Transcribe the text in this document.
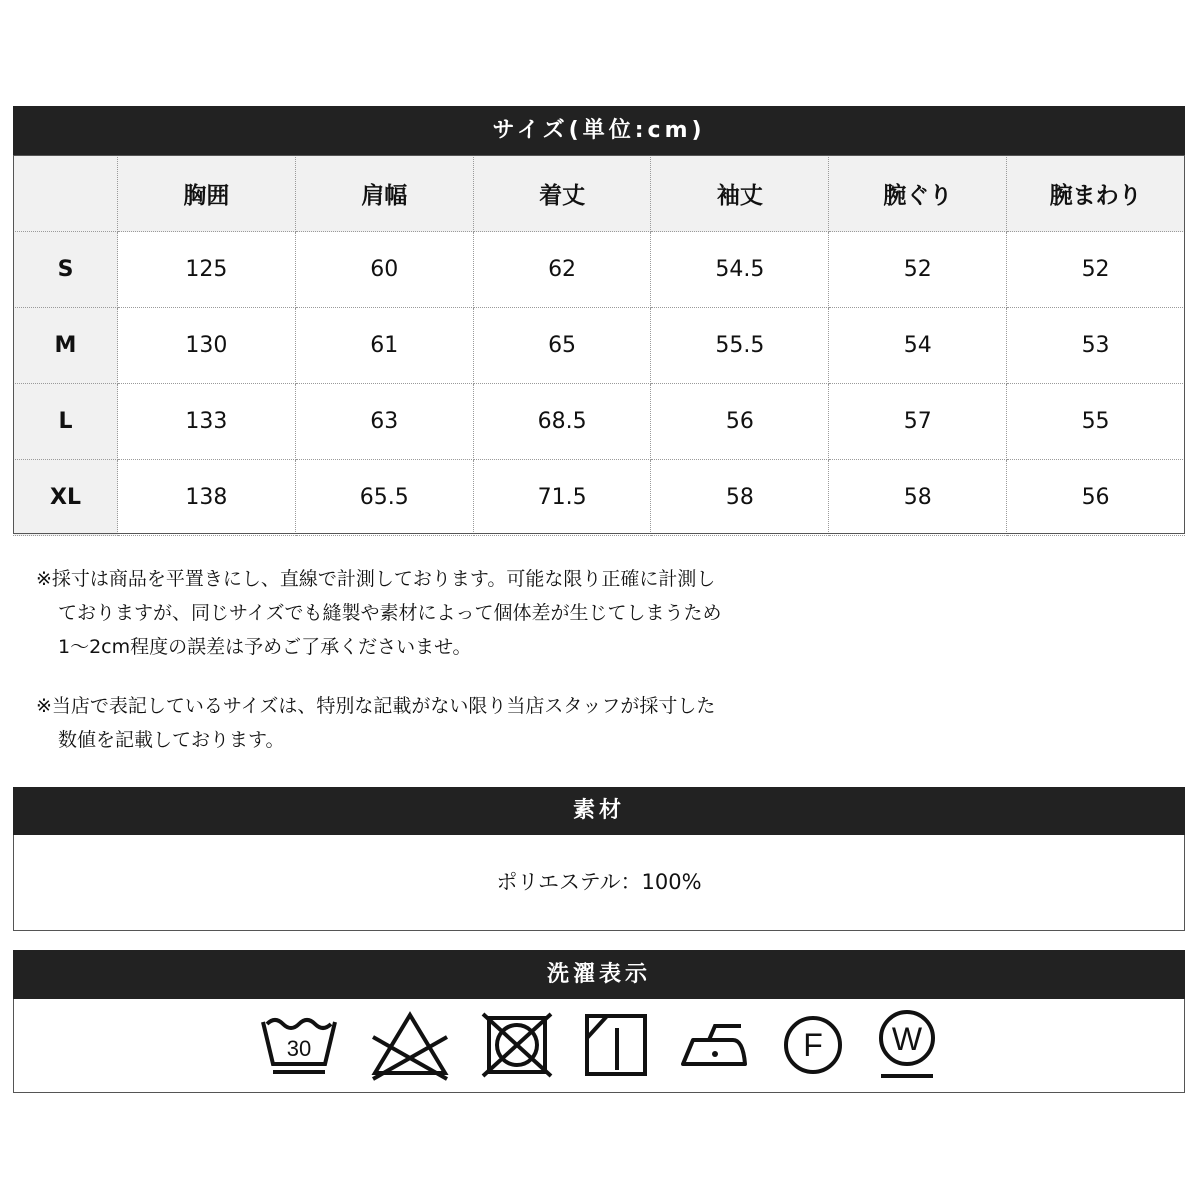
サイズ(単位:cm)
	胸囲	肩幅	着丈	袖丈	腕ぐり	腕まわり
S	125	60	62	54.5	52	52
M	130	61	65	55.5	54	53
L	133	63	68.5	56	57	55
XL	138	65.5	71.5	58	58	56

※採寸は商品を平置きにし、直線で計測しております。可能な限り正確に計測し

ておりますが、同じサイズでも縫製や素材によって個体差が生じてしまうため

1〜2cm程度の誤差は予めご了承くださいませ。

※当店で表記しているサイズは、特別な記載がない限り当店スタッフが採寸した

数値を記載しております。

素材
ポリエステル：100%
洗濯表示
30	F W
